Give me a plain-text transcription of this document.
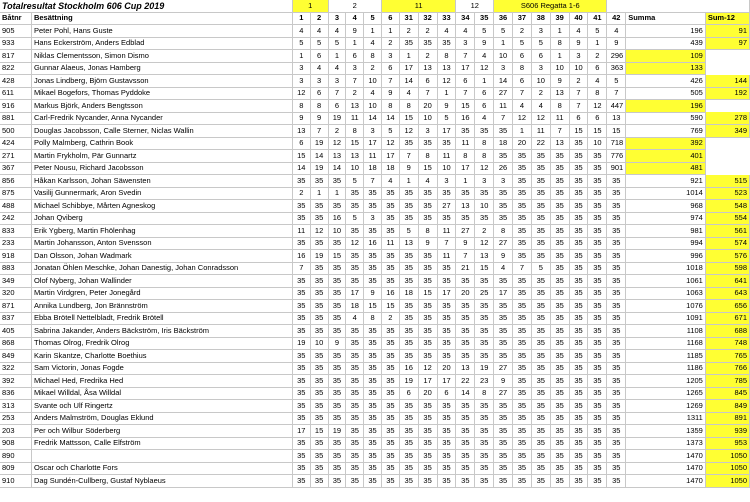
Totalresultat Stockholm 606 Cup 2019		1		2			11				12		S606 Regatta 1-6								
Båtnr	Besättning	1	2	3	4	5	6	31	32	33	34	35	36	37	38	39	40	41	42	Summa	Sum-12
905	Peter Pohl, Hans Guste	4	4	4	9	1	1	2	2	4	4	5	5	2	3	1	4	5	4	196	91
933	Hans Eckerström, Anders Edblad	5	5	5	1	4	2	35	35	35	3	9	1	5	5	8	9	1	9	439	97
817	Niklas Clementsson, Simon Dismo	1	6	1	6	8	3	1	2	8	7	4	10	6	6	1	3	2	296	109	
822	Gunnar Alaeus, Jonas Hamberg	3	4	4	3	2	6	17	13	13	17	12	3	8	3	10	10	6	363	133	
428	Jonas Lindberg, Björn Gustavsson	3	3	3	7	10	7	14	6	12	6	1	14	6	10	9	2	4	5	426	144
611	Mikael Bogefors, Thomas Pyddoke	12	6	7	2	4	9	4	7	1	7	6	27	7	2	13	7	8	7	505	192
916	Markus Björk, Anders Bengtsson	8	8	6	13	10	8	8	20	9	15	6	11	4	4	8	7	12	447	196	
881	Carl-Fredrik Nycander, Anna Nycander	9	9	19	11	14	14	15	10	5	16	4	7	12	12	11	6	6	13	590	278
500	Douglas Jacobsson, Calle Sterner, Niclas Wallin	13	7	2	8	3	5	12	3	17	35	35	35	1	11	7	15	15	15	769	349
424	Polly Malmberg, Cathrin Book	6	19	12	15	17	12	35	35	35	11	8	18	20	22	13	35	10	718	392	
271	Martin Frykholm, Pär Gunnartz	15	14	13	13	11	17	7	8	11	8	8	35	35	35	35	35	35	776	401	
367	Peter Nousu, Richard Jacobsson	14	19	14	10	18	18	9	15	10	17	12	26	35	35	35	35	35	901	481	
856	Håkan Karlsson, Johan Säwensten	35	35	35	5	7	4	1	4	3	1	3	3	35	35	35	35	35	35	921	515
875	Vasilij Gunnermark, Aron Svedin	2	1	1	35	35	35	35	35	35	35	35	35	35	35	35	35	35	35	1014	523
488	Michael Schibbye, Mårten Agneskog	35	35	35	35	35	35	35	35	27	13	10	35	35	35	35	35	35	35	968	548
242	Johan Qviberg	35	35	16	5	3	35	35	35	35	35	35	35	35	35	35	35	35	35	974	554
833	Erik Ygberg, Martin Fhölenhag	11	12	10	35	35	35	5	8	11	27	2	8	35	35	35	35	35	35	981	561
233	Martin Johansson, Anton Svensson	35	35	35	12	16	11	13	9	7	9	12	27	35	35	35	35	35	35	994	574
918	Dan Olsson, Johan Wadmark	16	19	15	35	35	35	35	35	11	7	13	9	35	35	35	35	35	35	996	576
883	Jonatan Öhlen Meschke, Johan Danestig, Johan Conradsson	7	35	35	35	35	35	35	35	35	21	15	4	7	5	35	35	35	35	1018	598
349	Olof Nyberg, Johan Wallinder	35	35	35	35	35	35	35	35	35	35	35	35	35	35	35	35	35	35	1061	641
320	Martin Virdgren, Peter Jonegård	35	35	35	17	9	16	18	15	17	20	25	17	35	35	35	35	35	35	1063	643
871	Annika Lundberg, Jon Brännström	35	35	35	18	15	15	35	35	35	35	35	35	35	35	35	35	35	35	1076	656
837	Ebba Brötell Nettelbladt, Fredrik Brötell	35	35	35	4	8	2	35	35	35	35	35	35	35	35	35	35	35	35	1091	671
405	Sabrina Jakander, Anders Bäckström, Iris Bäckström	35	35	35	35	35	35	35	35	35	35	35	35	35	35	35	35	35	35	1108	688
868	Thomas Olrog, Fredrik Olrog	19	10	9	35	35	35	35	35	35	35	35	35	35	35	35	35	35	35	1168	748
849	Karin Skantze, Charlotte Boethius	35	35	35	35	35	35	35	35	35	35	35	35	35	35	35	35	35	35	1185	765
322	Sam Victorin, Jonas Fogde	35	35	35	35	35	35	16	12	20	13	19	27	35	35	35	35	35	35	1186	766
392	Michael Hed, Fredrika Hed	35	35	35	35	35	35	19	17	17	22	23	9	35	35	35	35	35	35	1205	785
836	Mikael Willdal, Åsa Willdal	35	35	35	35	35	35	6	20	6	14	8	27	35	35	35	35	35	35	1265	845
313	Svante och Ulf Ringertz	35	35	35	35	35	35	35	35	35	35	35	35	35	35	35	35	35	35	1269	849
253	Anders Malmström, Douglas Eklund	35	35	35	35	35	35	35	35	35	35	35	35	35	35	35	35	35	35	1311	891
203	Per och Wilbur Söderberg	17	15	19	35	35	35	35	35	35	35	35	35	35	35	35	35	35	35	1359	939
908	Fredrik Mattsson, Calle Elfström	35	35	35	35	35	35	35	35	35	35	35	35	35	35	35	35	35	35	1373	953
890		35	35	35	35	35	35	35	35	35	35	35	35	35	35	35	35	35	35	1470	1050
809	Oscar och Charlotte Fors	35	35	35	35	35	35	35	35	35	35	35	35	35	35	35	35	35	35	1470	1050
910	Dag Sundén-Cullberg, Gustaf Nyblaeus	35	35	35	35	35	35	35	35	35	35	35	35	35	35	35	35	35	35	1470	1050
